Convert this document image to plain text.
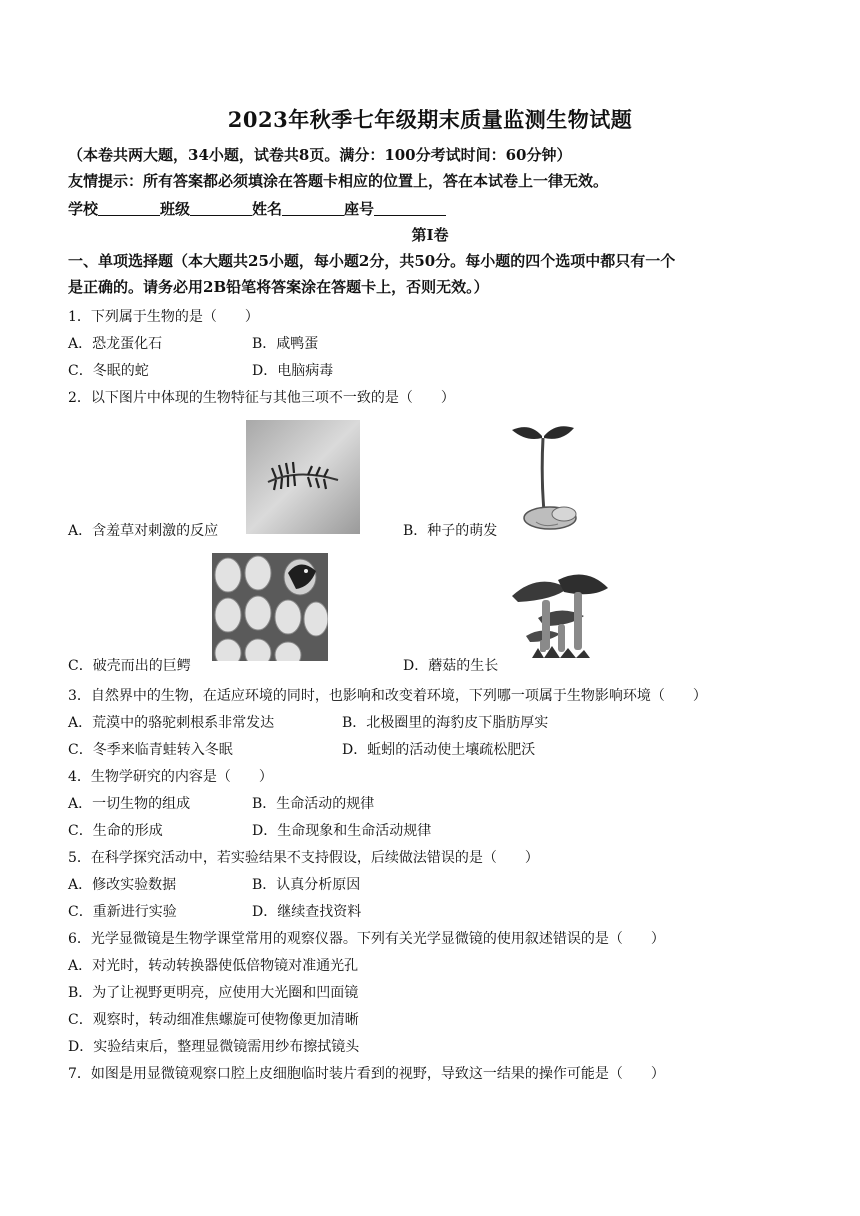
2023年秋季七年级期末质量监测生物试题
（本卷共两大题，34小题，试卷共8页。满分：100分考试时间：60分钟）
友情提示：所有答案都必须填涂在答题卡相应的位置上，答在本试卷上一律无效。
学校	班级	姓名	座号
第Ⅰ卷
一、单项选择题（本大题共25小题，每小题2分，共50分。每小题的四个选项中都只有一个
是正确的。请务必用2B铅笔将答案涂在答题卡上，否则无效。）
1．下列属于生物的是（　　）
A．恐龙蛋化石	B．咸鸭蛋
C．冬眠的蛇	D．电脑病毒
2．以下图片中体现的生物特征与其他三项不一致的是（　　）
A．含羞草对刺激的反应	B．种子的萌发
C．破壳而出的巨鳄	D．蘑菇的生长
3．自然界中的生物，在适应环境的同时，也影响和改变着环境，下列哪一项属于生物影响环境（　　）
A．荒漠中的骆驼刺根系非常发达	B．北极圈里的海豹皮下脂肪厚实
C．冬季来临青蛙转入冬眠	D．蚯蚓的活动使土壤疏松肥沃
4．生物学研究的内容是（　　）
A．一切生物的组成	B．生命活动的规律
C．生命的形成	D．生命现象和生命活动规律
5．在科学探究活动中，若实验结果不支持假设，后续做法错误的是（　　）
A．修改实验数据	B．认真分析原因
C．重新进行实验	D．继续查找资料
6．光学显微镜是生物学课堂常用的观察仪器。下列有关光学显微镜的使用叙述错误的是（　　）
A．对光时，转动转换器使低倍物镜对准通光孔
B．为了让视野更明亮，应使用大光圈和凹面镜
C．观察时，转动细准焦螺旋可使物像更加清晰
D．实验结束后，整理显微镜需用纱布擦拭镜头
7．如图是用显微镜观察口腔上皮细胞临时装片看到的视野，导致这一结果的操作可能是（　　）
